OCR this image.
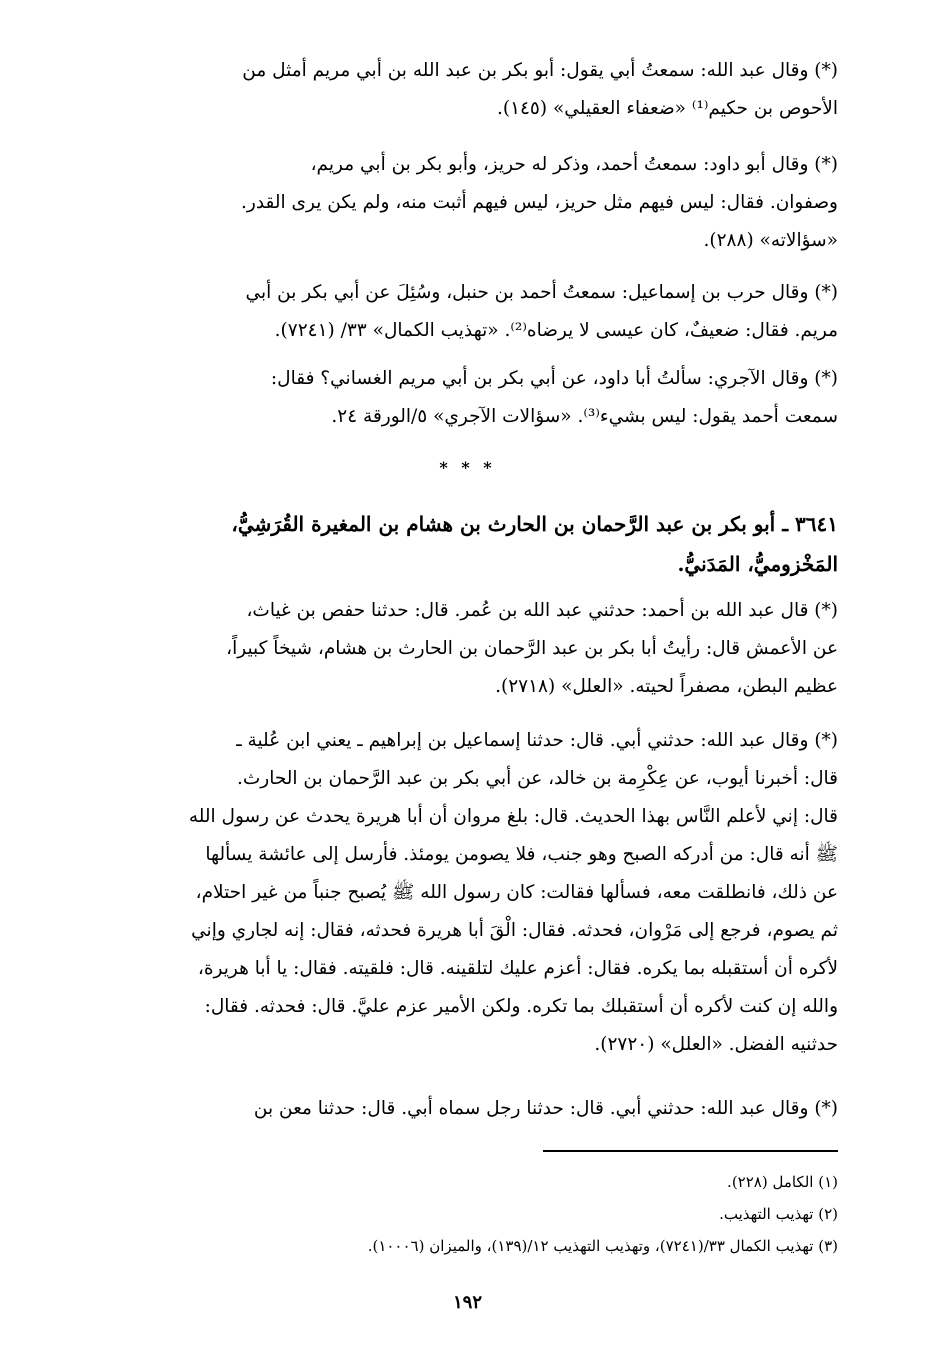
(*) وقال عبد الله: سمعتُ أبي يقول: أبو بكر بن عبد الله بن أبي مريم أمثل من
الأحوص بن حكيم⁽¹⁾ «ضعفاء العقيلي» (١٤٥).

(*) وقال أبو داود: سمعتُ أحمد، وذكر له حريز، وأبو بكر بن أبي مريم،
وصفوان. فقال: ليس فيهم مثل حريز، ليس فيهم أثبت منه، ولم يكن يرى القدر.
«سؤالاته» (٢٨٨).

(*) وقال حرب بن إسماعيل: سمعتُ أحمد بن حنبل، وسُئِلَ عن أبي بكر بن أبي
مريم. فقال: ضعيفٌ، كان عيسى لا يرضاه⁽²⁾. «تهذيب الكمال» ٣٣/ (٧٢٤١).

(*) وقال الآجري: سألتُ أبا داود، عن أبي بكر بن أبي مريم الغساني؟ فقال:
سمعت أحمد يقول: ليس بشيء⁽³⁾. «سؤالات الآجري» ٥/الورقة ٢٤.

* * *
٣٦٤١ ـ أبو بكر بن عبد الرَّحمان بن الحارث بن هشام بن المغيرة القُرَشِيُّ،
المَخْزوميُّ، المَدَنيُّ.

(*) قال عبد الله بن أحمد: حدثني عبد الله بن عُمر. قال: حدثنا حفص بن غياث،
عن الأعمش قال: رأيتُ أبا بكر بن عبد الرَّحمان بن الحارث بن هشام، شيخاً كبيراً،
عظيم البطن، مصفراً لحيته. «العلل» (٢٧١٨).

(*) وقال عبد الله: حدثني أبي. قال: حدثنا إسماعيل بن إبراهيم ـ يعني ابن عُلية ـ
قال: أخبرنا أيوب، عن عِكْرِمة بن خالد، عن أبي بكر بن عبد الرَّحمان بن الحارث.
قال: إني لأعلم النَّاس بهذا الحديث. قال: بلغ مروان أن أبا هريرة يحدث عن رسول الله
ﷺ أنه قال: من أدركه الصبح وهو جنب، فلا يصومن يومئذ. فأرسل إلى عائشة يسألها
عن ذلك، فانطلقت معه، فسألها فقالت: كان رسول الله ﷺ يُصبح جنباً من غير احتلام،
ثم يصوم، فرجع إلى مَرْوان، فحدثه. فقال: الْقَ أبا هريرة فحدثه، فقال: إنه لجاري وإني
لأكره أن أستقبله بما يكره. فقال: أعزم عليك لتلقينه. قال: فلقيته. فقال: يا أبا هريرة،
والله إن كنت لأكره أن أستقبلك بما تكره. ولكن الأمير عزم عليَّ. قال: فحدثه. فقال:
حدثنيه الفضل. «العلل» (٢٧٢٠).

(*) وقال عبد الله: حدثني أبي. قال: حدثنا رجل سماه أبي. قال: حدثنا معن بن

(١) الكامل (٢٢٨).
(٢) تهذيب التهذيب.
(٣) تهذيب الكمال ٣٣/(٧٢٤١)، وتهذيب التهذيب ١٢/(١٣٩)، والميزان (١٠٠٠٦).
١٩٢
